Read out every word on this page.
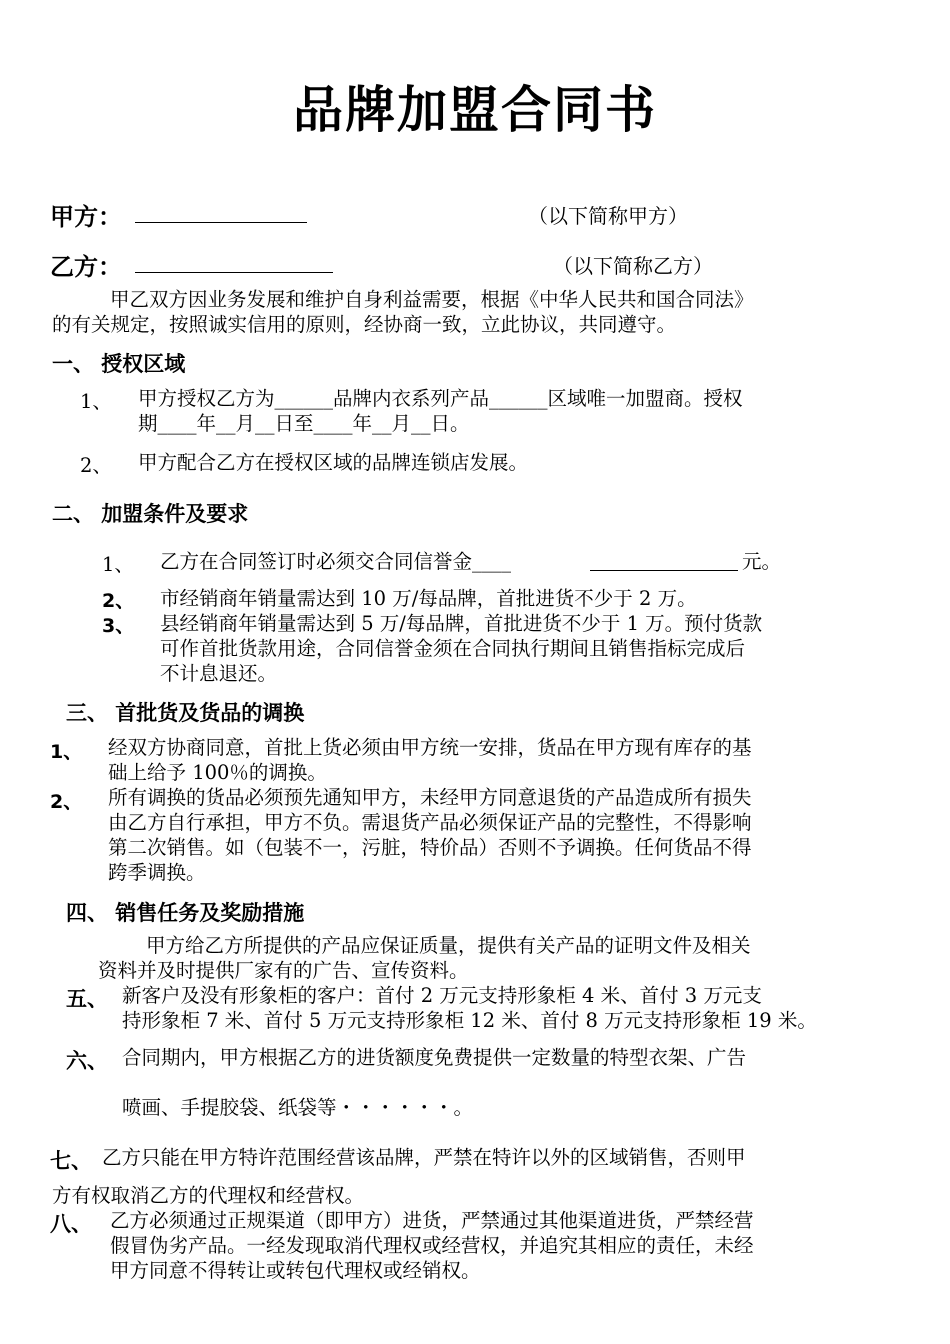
品牌加盟合同书
甲方：	（以下简称甲方）
乙方：	（以下简称乙方）
甲乙双方因业务发展和维护自身利益需要，根据《中华人民共和国合同法》
的有关规定，按照诚实信用的原则，经协商一致，立此协议，共同遵守。
一、 授权区域
1、 甲方授权乙方为______品牌内衣系列产品______区域唯一加盟商。授权
期____年__月__日至____年__月__日。
2、 甲方配合乙方在授权区域的品牌连锁店发展。
二、 加盟条件及要求
1、 乙方在合同签订时必须交合同信誉金____	元。
2、 市经销商年销量需达到 10 万/每品牌，首批进货不少于 2 万。
3、 县经销商年销量需达到 5 万/每品牌，首批进货不少于 1 万。预付货款
可作首批货款用途，合同信誉金须在合同执行期间且销售指标完成后
不计息退还。
三、 首批货及货品的调换
1、 经双方协商同意，首批上货必须由甲方统一安排，货品在甲方现有库存的基
础上给予 100％的调换。
2、 所有调换的货品必须预先通知甲方，未经甲方同意退货的产品造成所有损失
由乙方自行承担，甲方不负。需退货产品必须保证产品的完整性，不得影响
第二次销售。如（包装不一，污脏，特价品）否则不予调换。任何货品不得
跨季调换。
四、 销售任务及奖励措施
甲方给乙方所提供的产品应保证质量，提供有关产品的证明文件及相关
资料并及时提供厂家有的广告、宣传资料。
五、 新客户及没有形象柜的客户：首付 2 万元支持形象柜 4 米、首付 3 万元支
持形象柜 7 米、首付 5 万元支持形象柜 12 米、首付 8 万元支持形象柜 19 米。
六、 合同期内，甲方根据乙方的进货额度免费提供一定数量的特型衣架、广告
喷画、手提胶袋、纸袋等・・・・・・。
七、 乙方只能在甲方特许范围经营该品牌，严禁在特许以外的区域销售，否则甲
方有权取消乙方的代理权和经营权。
八、 乙方必须通过正规渠道（即甲方）进货，严禁通过其他渠道进货，严禁经营
假冒伪劣产品。一经发现取消代理权或经营权，并追究其相应的责任，未经
甲方同意不得转让或转包代理权或经销权。
